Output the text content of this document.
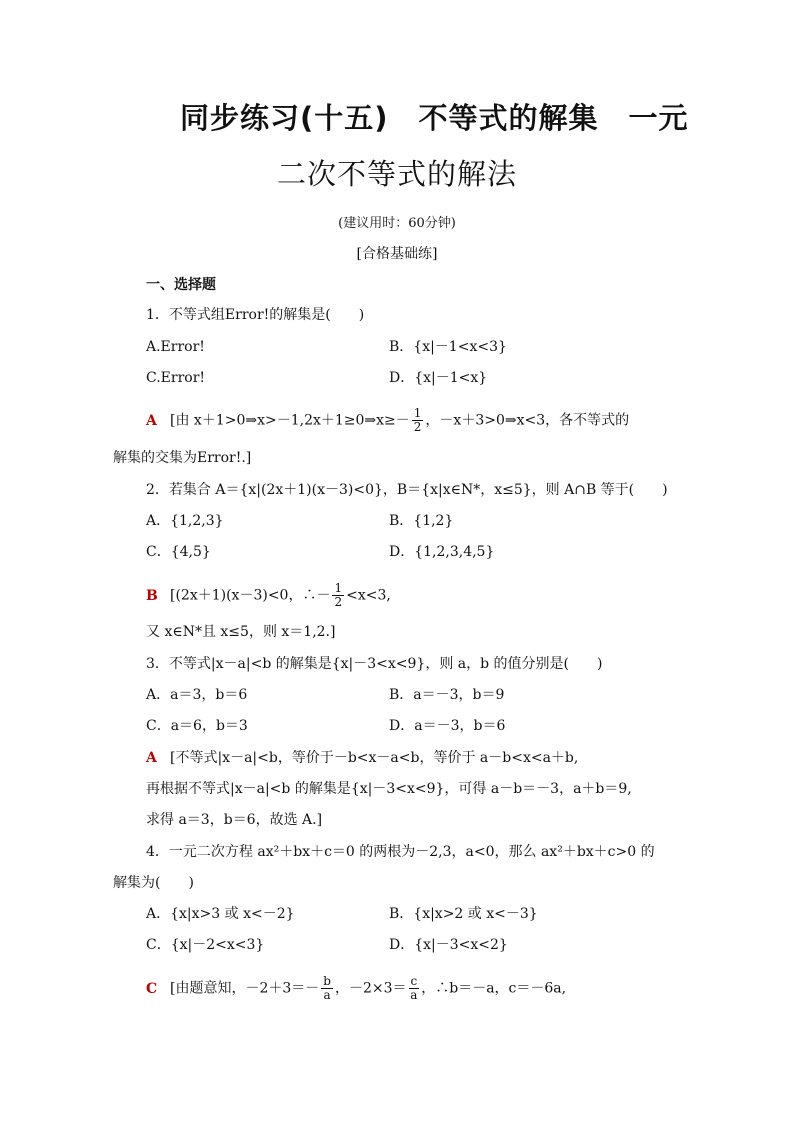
同步练习(十五)　不等式的解集　一元
二次不等式的解法
(建议用时：60分钟)
[合格基础练]
一、选择题
1．不等式组Error!的解集是(　　)
A.Error!	B．{x|－1<x<3}
C.Error!	D．{x|－1<x}
A [由 x＋1>0⇒x>－1,2x＋1≥0⇒x≥－ $\frac{1}{2}$ ，－x＋3>0⇒x<3，各不等式的
解集的交集为Error!.]
2．若集合 A＝{x|(2x＋1)(x－3)<0}，B＝{x|x∈N*，x≤5}，则 A∩B 等于(　　)
A．{1,2,3}	B．{1,2}
C．{4,5}	D．{1,2,3,4,5}
B [(2x＋1)(x－3)<0，∴－ $\frac{1}{2} <x<3$,
又 x∈N*且 x≤5，则 x＝1,2.]
3．不等式|x－a|<b 的解集是{x|－3<x<9}，则 a，b 的值分别是(　　)
A．a＝3，b＝6	B．a＝－3，b＝9
C．a＝6，b＝3	D．a＝－3，b＝6
A [不等式|x－a|<b，等价于－b<x－a<b，等价于 a－b<x<a＋b,
再根据不等式|x－a|<b 的解集是{x|－3<x<9}，可得 a－b＝－3，a＋b＝9,
求得 a＝3，b＝6，故选 A.]
4．一元二次方程 ax²＋bx＋c＝0 的两根为－2,3，a<0，那么 ax²＋bx＋c>0 的
解集为(　　)
A．{x|x>3 或 x<－2}	B．{x|x>2 或 x<－3}
C．{x|－2<x<3}	D．{x|－3<x<2}
C [由题意知，$-2+3=- \frac{b}{a}$ ，$-2\times 3= \frac{c}{a}$ ，∴b＝－a，c＝－6a,
